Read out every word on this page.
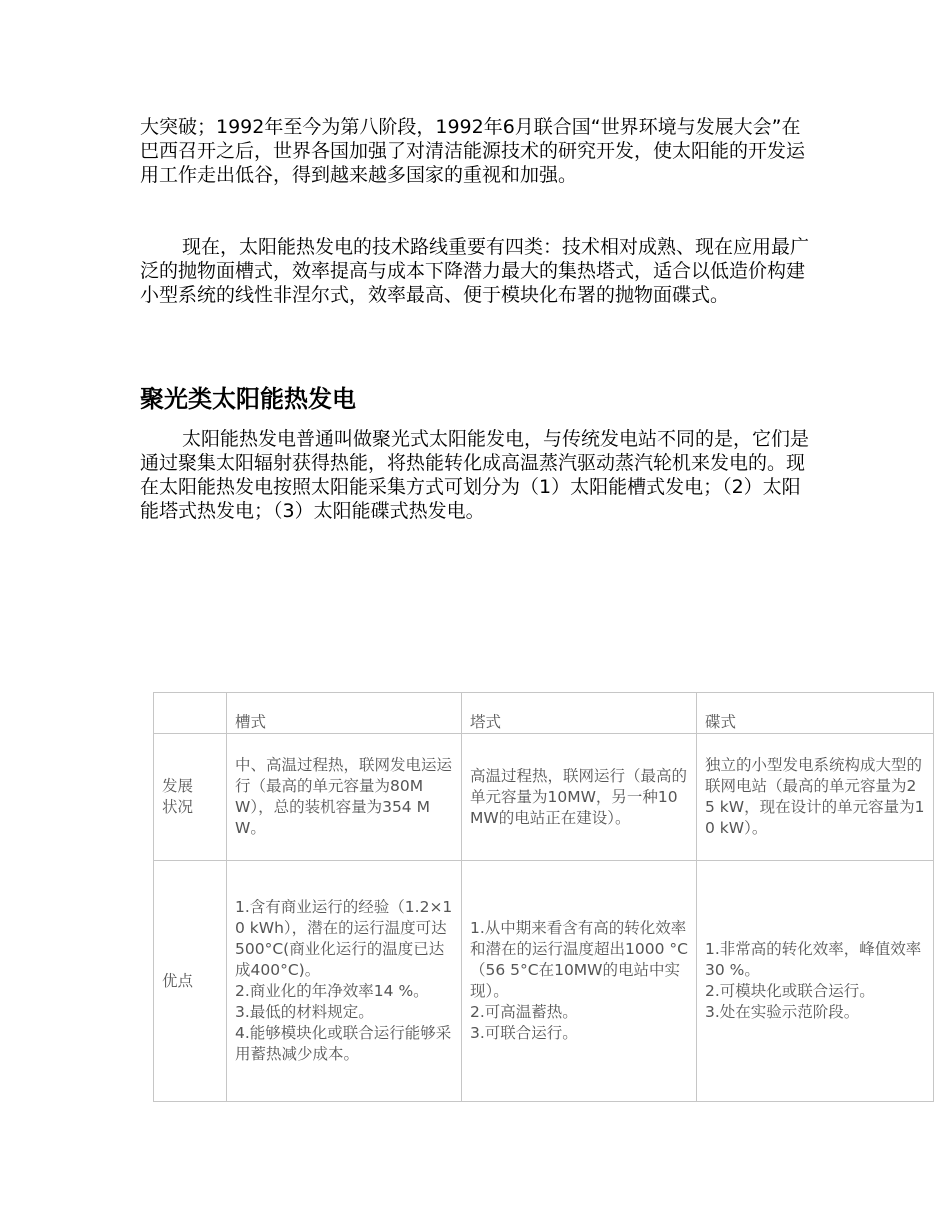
大突破；1992年至今为第八阶段，1992年6月联合国“世界环境与发展大会”在巴西召开之后，世界各国加强了对清洁能源技术的研究开发，使太阳能的开发运用工作走出低谷，得到越来越多国家的重视和加强。

现在，太阳能热发电的技术路线重要有四类：技术相对成熟、现在应用最广泛的抛物面槽式，效率提高与成本下降潜力最大的集热塔式，适合以低造价构建小型系统的线性非涅尔式，效率最高、便于模块化布署的抛物面碟式。

聚光类太阳能热发电

太阳能热发电普通叫做聚光式太阳能发电，与传统发电站不同的是，它们是通过聚集太阳辐射获得热能，将热能转化成高温蒸汽驱动蒸汽轮机来发电的。现在太阳能热发电按照太阳能采集方式可划分为（1）太阳能槽式发电；（2）太阳能塔式热发电；（3）太阳能碟式热发电。

	槽式	塔式	碟式
发展
状况	中、高温过程热，联网发电运运行（最高的单元容量为80MW），总的装机容量为354 MW。	高温过程热，联网运行（最高的单元容量为10MW，另一种10MW的电站正在建设）。	独立的小型发电系统构成大型的联网电站（最高的单元容量为25 kW，现在设计的单元容量为10 kW）。
优点	1.含有商业运行的经验（1.2×10 kWh），潜在的运行温度可达500°C(商业化运行的温度已达成400°C)。
2.商业化的年净效率14 %。
3.最低的材料规定。
4.能够模块化或联合运行能够采用蓄热减少成本。	1.从中期来看含有高的转化效率和潜在的运行温度超出1000 °C（56 5°C在10MW的电站中实现）。
2.可高温蓄热。
3.可联合运行。	1.非常高的转化效率，峰值效率30 %。
2.可模块化或联合运行。
3.处在实验示范阶段。
